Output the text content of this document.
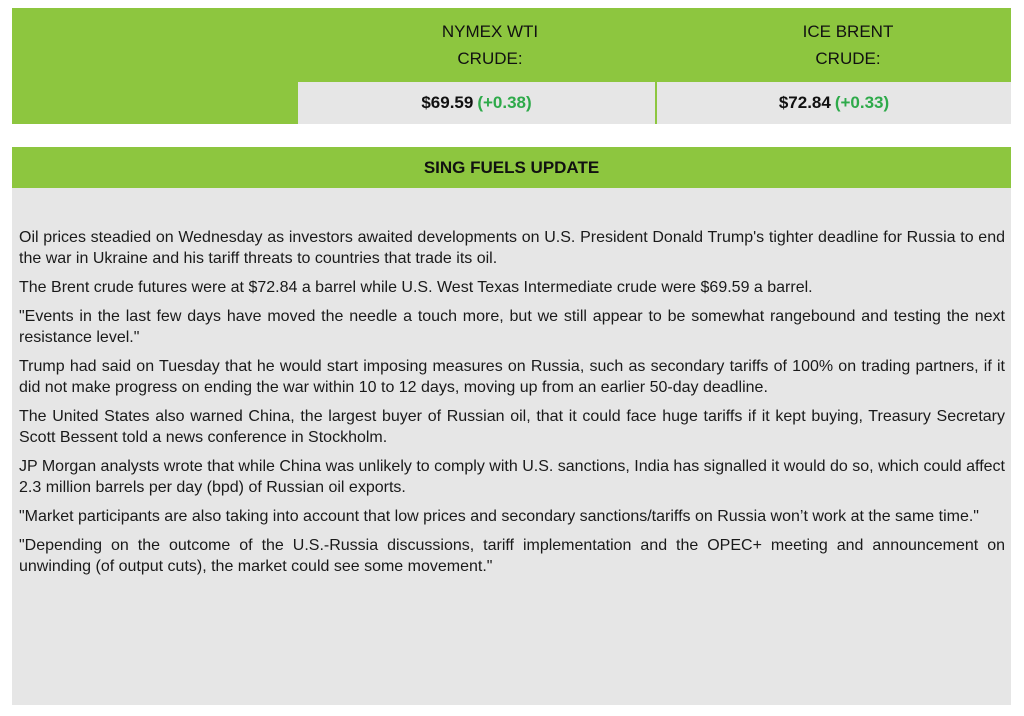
NYMEX WTI
CRUDE:
ICE BRENT
CRUDE:
$69.59 (+0.38)	$72.84 (+0.33)
SING FUELS UPDATE

Oil prices steadied on Wednesday as investors awaited developments on U.S. President Donald Trump's tighter deadline for Russia to end the war in Ukraine and his tariff threats to countries that trade its oil.

The Brent crude futures were at $72.84 a barrel while U.S. West Texas Intermediate crude were $69.59 a barrel.

"Events in the last few days have moved the needle a touch more, but we still appear to be somewhat rangebound and testing the next resistance level."

Trump had said on Tuesday that he would start imposing measures on Russia, such as secondary tariffs of 100% on trading partners, if it did not make progress on ending the war within 10 to 12 days, moving up from an earlier 50-day deadline.

The United States also warned China, the largest buyer of Russian oil, that it could face huge tariffs if it kept buying, Treasury Secretary Scott Bessent told a news conference in Stockholm.

JP Morgan analysts wrote that while China was unlikely to comply with U.S. sanctions, India has signalled it would do so, which could affect 2.3 million barrels per day (bpd) of Russian oil exports.

"Market participants are also taking into account that low prices and secondary sanctions/tariffs on Russia won’t work at the same time."

"Depending on the outcome of the U.S.-Russia discussions, tariff implementation and the OPEC+ meeting and announcement on unwinding (of output cuts), the market could see some movement."
